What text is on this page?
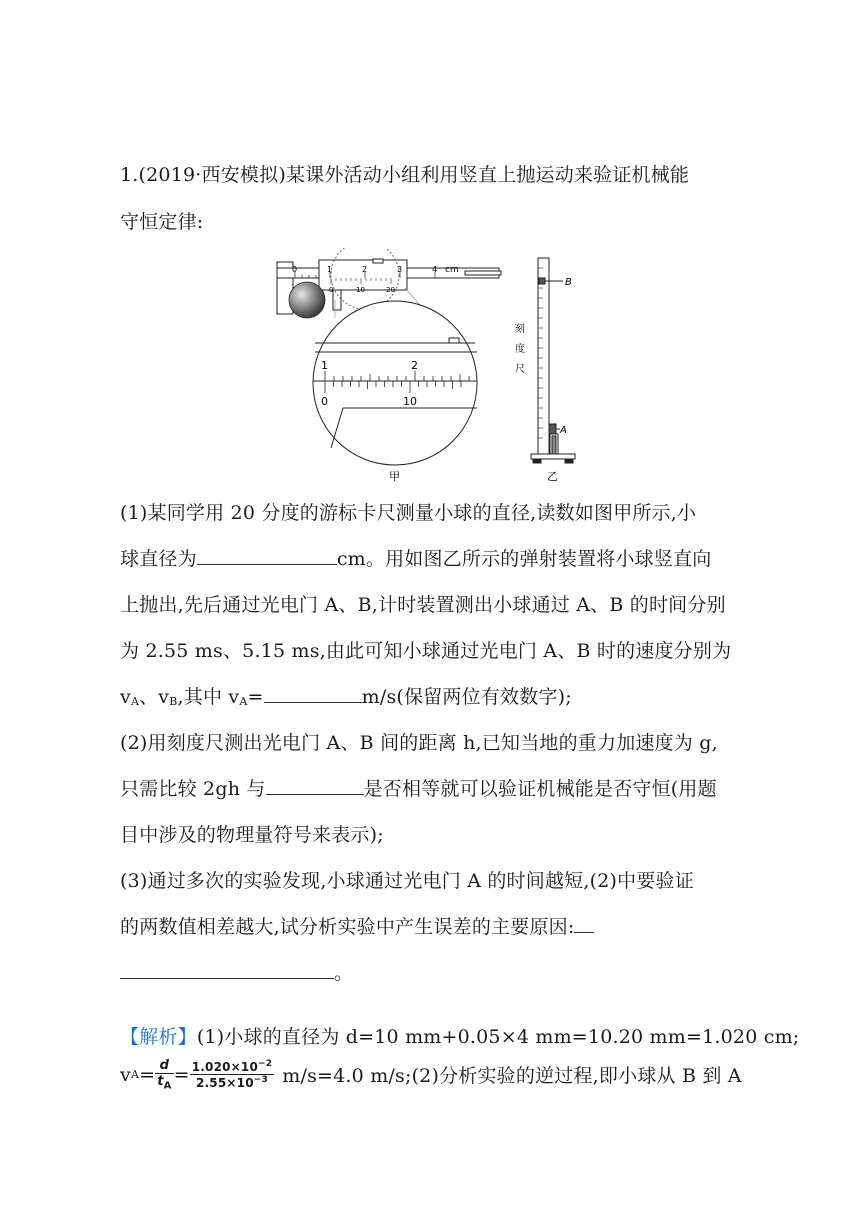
1.(2019·西安模拟)某课外活动小组利用竖直上抛运动来验证机械能
守恒定律:
0	1	2	3	4 cm
0	10	20
1	2
0	10
甲
B
A
刻
度
尺
乙
(1)某同学用 20 分度的游标卡尺测量小球的直径,读数如图甲所示,小
球直径为	cm。用如图乙所示的弹射装置将小球竖直向
上抛出,先后通过光电门 A、B,计时装置测出小球通过 A、B 的时间分别
为 2.55 ms、5.15 ms,由此可知小球通过光电门 A、B 时的速度分别为
vA、vB,其中 vA=	m/s(保留两位有效数字);
(2)用刻度尺测出光电门 A、B 间的距离 h,已知当地的重力加速度为 g,
只需比较 2gh 与	是否相等就可以验证机械能是否守恒(用题
目中涉及的物理量符号来表示);
(3)通过多次的实验发现,小球通过光电门 A 的时间越短,(2)中要验证
的两数值相差越大,试分析实验中产生误差的主要原因:
。
【解析】(1)小球的直径为 d=10 mm+0.05×4 mm=10.20 mm=1.020 cm;
v $A = \frac{d}{t_A} = \frac{1.020\times 10^{-2}}{2.55\times 10^{-3}} m/s=4.0$ m/s;(2)分析实验的逆过程,即小球从 B 到 A
